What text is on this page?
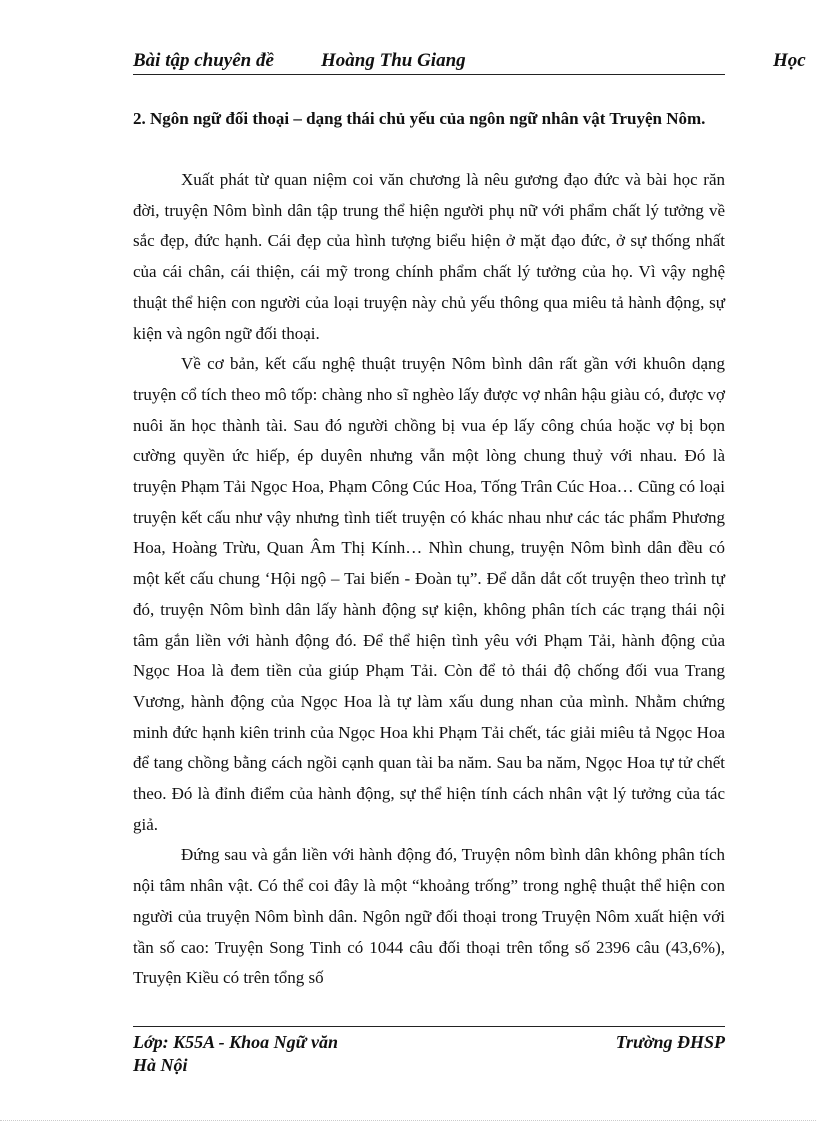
Bài tập chuyên đề Hoàng Thu Giang	Học
2. Ngôn ngữ đối thoại – dạng thái chủ yếu của ngôn ngữ nhân vật Truyện Nôm.

Xuất phát từ quan niệm coi văn chương là nêu gương đạo đức và bài học răn đời, truyện Nôm bình dân tập trung thể hiện người phụ nữ với phẩm chất lý tưởng về sắc đẹp, đức hạnh. Cái đẹp của hình tượng biểu hiện ở mặt đạo đức, ở sự thống nhất của cái chân, cái thiện, cái mỹ trong chính phẩm chất lý tưởng của họ. Vì vậy nghệ thuật thể hiện con người của loại truyện này chủ yếu thông qua miêu tả hành động, sự kiện và ngôn ngữ đối thoại.

Về cơ bản, kết cấu nghệ thuật truyện Nôm bình dân rất gần với khuôn dạng truyện cổ tích theo mô tốp: chàng nho sĩ nghèo lấy được vợ nhân hậu giàu có, được vợ nuôi ăn học thành tài. Sau đó người chồng bị vua ép lấy công chúa hoặc vợ bị bọn cường quyền ức hiếp, ép duyên nhưng vẫn một lòng chung thuỷ với nhau. Đó là truyện Phạm Tải Ngọc Hoa, Phạm Công Cúc Hoa, Tống Trân Cúc Hoa… Cũng có loại truyện kết cấu như vậy nhưng tình tiết truyện có khác nhau như các tác phẩm Phương Hoa, Hoàng Trừu, Quan Âm Thị Kính… Nhìn chung, truyện Nôm bình dân đều có một kết cấu chung ‘Hội ngộ – Tai biến - Đoàn tụ”. Để dẫn dắt cốt truyện theo trình tự đó, truyện Nôm bình dân lấy hành động sự kiện, không phân tích các trạng thái nội tâm gắn liền với hành động đó. Để thể hiện tình yêu với Phạm Tải, hành động của Ngọc Hoa là đem tiền của giúp Phạm Tải. Còn để tỏ thái độ chống đối vua Trang Vương, hành động của Ngọc Hoa là tự làm xấu dung nhan của mình. Nhằm chứng minh đức hạnh kiên trinh của Ngọc Hoa khi Phạm Tải chết, tác giải miêu tả Ngọc Hoa để tang chồng bằng cách ngồi cạnh quan tài ba năm. Sau ba năm, Ngọc Hoa tự tử chết theo. Đó là đỉnh điểm của hành động, sự thể hiện tính cách nhân vật lý tưởng của tác giả.

Đứng sau và gắn liền với hành động đó, Truyện nôm bình dân không phân tích nội tâm nhân vật. Có thể coi đây là một “khoảng trống” trong nghệ thuật thể hiện con người của truyện Nôm bình dân. Ngôn ngữ đối thoại trong Truyện Nôm xuất hiện với tần số cao: Truyện Song Tinh có 1044 câu đối thoại trên tổng số 2396 câu (43,6%), Truyện Kiều có trên tổng số

Lớp: K55A - Khoa Ngữ văn	Trường ĐHSP
Hà Nội
